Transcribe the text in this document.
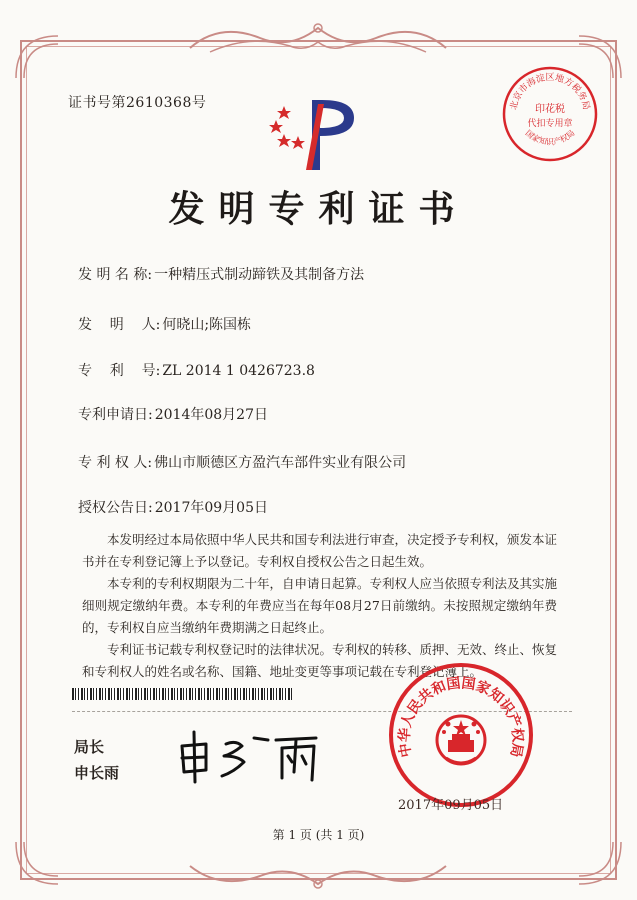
证书号第2610368号	北京市海淀区地方税务局
印花税
代扣专用章
国家知识产权局
发明专利证书
发 明 名 称: 一种精压式制动蹄铁及其制备方法
发    明    人: 何晓山;陈国栋
专    利    号: ZL 2014 1 0426723.8
专利申请日: 2014年08月27日
专 利 权 人: 佛山市顺德区方盈汽车部件实业有限公司
授权公告日: 2017年09月05日

本发明经过本局依照中华人民共和国专利法进行审查，决定授予专利权，颁发本证书并在专利登记簿上予以登记。专利权自授权公告之日起生效。

本专利的专利权期限为二十年，自申请日起算。专利权人应当依照专利法及其实施细则规定缴纳年费。本专利的年费应当在每年08月27日前缴纳。未按照规定缴纳年费的，专利权自应当缴纳年费期满之日起终止。

专利证书记载专利权登记时的法律状况。专利权的转移、质押、无效、终止、恢复和专利权人的姓名或名称、国籍、地址变更等事项记载在专利登记簿上。

局长
申长雨
中华人民共和国国家知识产权局
2017年09月05日
第 1 页 (共 1 页)
